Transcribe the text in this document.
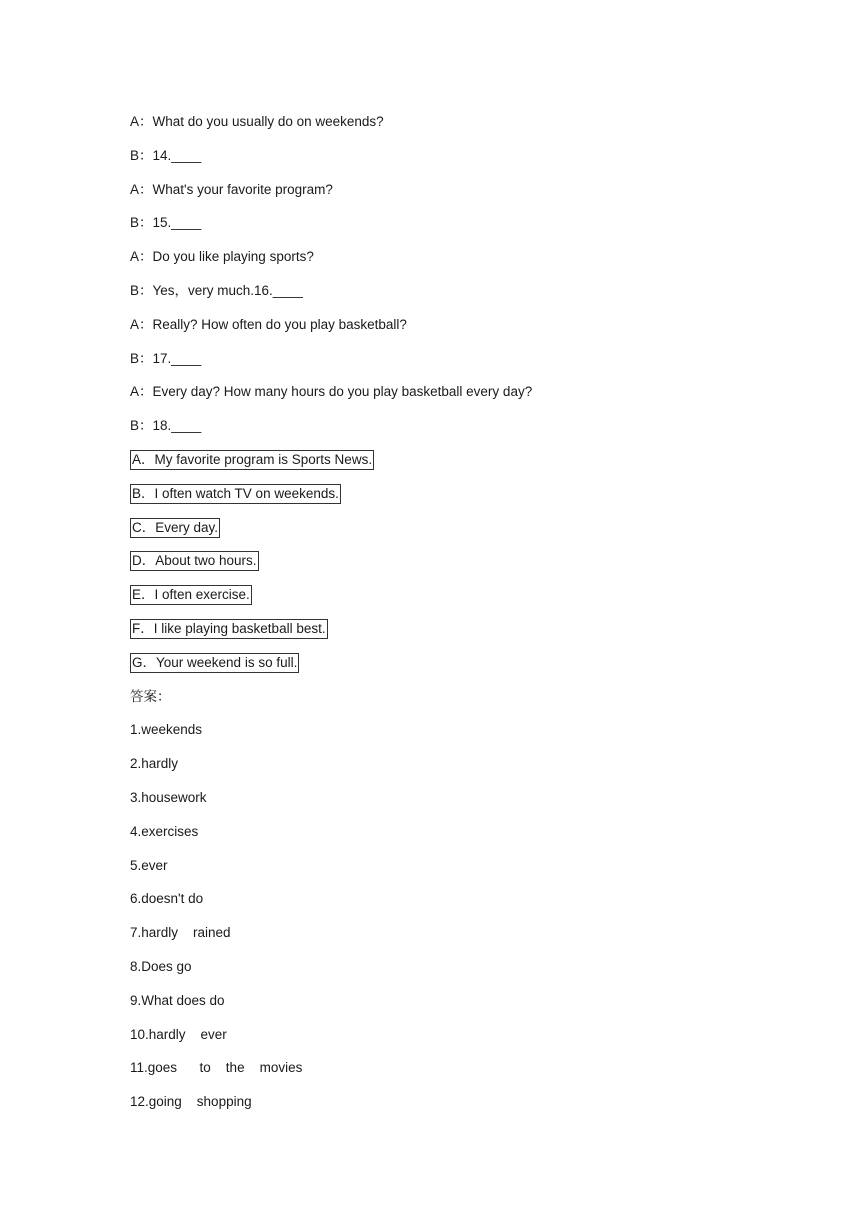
A：What do you usually do on weekends?
B：14.____
A：What's your favorite program?
B：15.____
A：Do you like playing sports?
B：Yes，very much.16.____
A：Really? How often do you play basketball?
B：17.____
A：Every day? How many hours do you play basketball every day?
B：18.____
A．My favorite program is Sports News.
B．I often watch TV on weekends.
C．Every day.
D．About two hours.
E．I often exercise.
F．I like playing basketball best.
G．Your weekend is so full.
答案：
1.weekends
2.hardly
3.housework
4.exercises
5.ever
6.doesn't do
7.hardly    rained
8.Does go
9.What does do
10.hardly    ever
11.goes      to    the    movies
12.going    shopping
